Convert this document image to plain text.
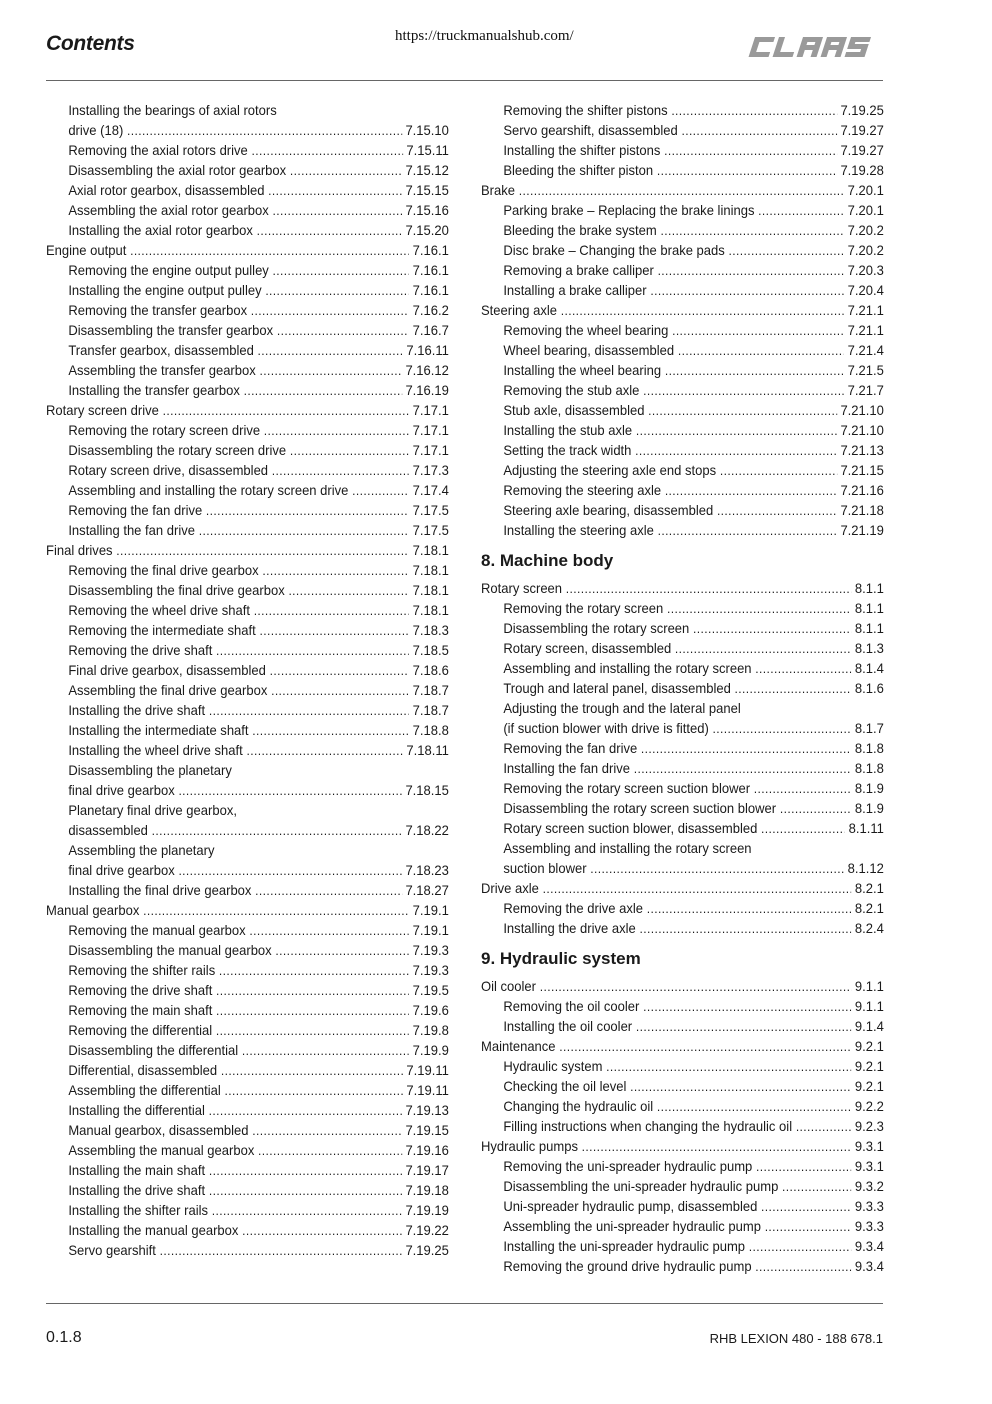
Contents	https://truckmanualshub.com/
Installing the bearings of axial rotors
drive (18) . . .	7.15.10
Removing the axial rotors drive . . .	7.15.11
Disassembling the axial rotor gearbox . . .	7.15.12
Axial rotor gearbox, disassembled . . .	7.15.15
Assembling the axial rotor gearbox . . .	7.15.16
Installing the axial rotor gearbox . . .	7.15.20
Engine output . . .	7.16.1
Removing the engine output pulley . . .	7.16.1
Installing the engine output pulley . . .	7.16.1
Removing the transfer gearbox . . .	7.16.2
Disassembling the transfer gearbox . . .	7.16.7
Transfer gearbox, disassembled . . .	7.16.11
Assembling the transfer gearbox . . .	7.16.12
Installing the transfer gearbox . . .	7.16.19
Rotary screen drive . . .	7.17.1
Removing the rotary screen drive . . .	7.17.1
Disassembling the rotary screen drive . . .	7.17.1
Rotary screen drive, disassembled . . .	7.17.3
Assembling and installing the rotary screen drive . . .	7.17.4
Removing the fan drive . . .	7.17.5
Installing the fan drive . . .	7.17.5
Final drives . . .	7.18.1
Removing the final drive gearbox . . .	7.18.1
Disassembling the final drive gearbox . . .	7.18.1
Removing the wheel drive shaft . . .	7.18.1
Removing the intermediate shaft . . .	7.18.3
Removing the drive shaft . . .	7.18.5
Final drive gearbox, disassembled . . .	7.18.6
Assembling the final drive gearbox . . .	7.18.7
Installing the drive shaft . . .	7.18.7
Installing the intermediate shaft . . .	7.18.8
Installing the wheel drive shaft . . .	7.18.11
Disassembling the planetary
final drive gearbox . . .	7.18.15
Planetary final drive gearbox,
disassembled . . .	7.18.22
Assembling the planetary
final drive gearbox . . .	7.18.23
Installing the final drive gearbox . . .	7.18.27
Manual gearbox . . .	7.19.1
Removing the manual gearbox . . .	7.19.1
Disassembling the manual gearbox . . .	7.19.3
Removing the shifter rails . . .	7.19.3
Removing the drive shaft . . .	7.19.5
Removing the main shaft . . .	7.19.6
Removing the differential . . .	7.19.8
Disassembling the differential . . .	7.19.9
Differential, disassembled . . .	7.19.11
Assembling the differential . . .	7.19.11
Installing the differential . . .	7.19.13
Manual gearbox, disassembled . . .	7.19.15
Assembling the manual gearbox . . .	7.19.16
Installing the main shaft . . .	7.19.17
Installing the drive shaft . . .	7.19.18
Installing the shifter rails . . .	7.19.19
Installing the manual gearbox . . .	7.19.22
Servo gearshift . . .	7.19.25
Removing the shifter pistons . . .	7.19.25
Servo gearshift, disassembled . . .	7.19.27
Installing the shifter pistons . . .	7.19.27
Bleeding the shifter piston . . .	7.19.28
Brake . . .	7.20.1
Parking brake – Replacing the brake linings . . .	7.20.1
Bleeding the brake system . . .	7.20.2
Disc brake – Changing the brake pads . . .	7.20.2
Removing a brake calliper . . .	7.20.3
Installing a brake calliper . . .	7.20.4
Steering axle . . .	7.21.1
Removing the wheel bearing . . .	7.21.1
Wheel bearing, disassembled . . .	7.21.4
Installing the wheel bearing . . .	7.21.5
Removing the stub axle . . .	7.21.7
Stub axle, disassembled . . .	7.21.10
Installing the stub axle . . .	7.21.10
Setting the track width . . .	7.21.13
Adjusting the steering axle end stops . . .	7.21.15
Removing the steering axle . . .	7.21.16
Steering axle bearing, disassembled . . .	7.21.18
Installing the steering axle . . .	7.21.19
8. Machine body
Rotary screen . . .	8.1.1
Removing the rotary screen . . .	8.1.1
Disassembling the rotary screen . . .	8.1.1
Rotary screen, disassembled . . .	8.1.3
Assembling and installing the rotary screen . . .	8.1.4
Trough and lateral panel, disassembled . . .	8.1.6
Adjusting the trough and the lateral panel
(if suction blower with drive is fitted) . . .	8.1.7
Removing the fan drive . . .	8.1.8
Installing the fan drive . . .	8.1.8
Removing the rotary screen suction blower . . .	8.1.9
Disassembling the rotary screen suction blower . . .	8.1.9
Rotary screen suction blower, disassembled . . .	8.1.11
Assembling and installing the rotary screen
suction blower . . .	8.1.12
Drive axle . . .	8.2.1
Removing the drive axle . . .	8.2.1
Installing the drive axle . . .	8.2.4
9. Hydraulic system
Oil cooler . . .	9.1.1
Removing the oil cooler . . .	9.1.1
Installing the oil cooler . . .	9.1.4
Maintenance . . .	9.2.1
Hydraulic system . . .	9.2.1
Checking the oil level . . .	9.2.1
Changing the hydraulic oil . . .	9.2.2
Filling instructions when changing the hydraulic oil . . .	9.2.3
Hydraulic pumps . . .	9.3.1
Removing the uni-spreader hydraulic pump . . .	9.3.1
Disassembling the uni-spreader hydraulic pump . . .	9.3.2
Uni-spreader hydraulic pump, disassembled . . .	9.3.3
Assembling the uni-spreader hydraulic pump . . .	9.3.3
Installing the uni-spreader hydraulic pump . . .	9.3.4
Removing the ground drive hydraulic pump . . .	9.3.4
0.1.8	RHB LEXION 480 - 188 678.1
